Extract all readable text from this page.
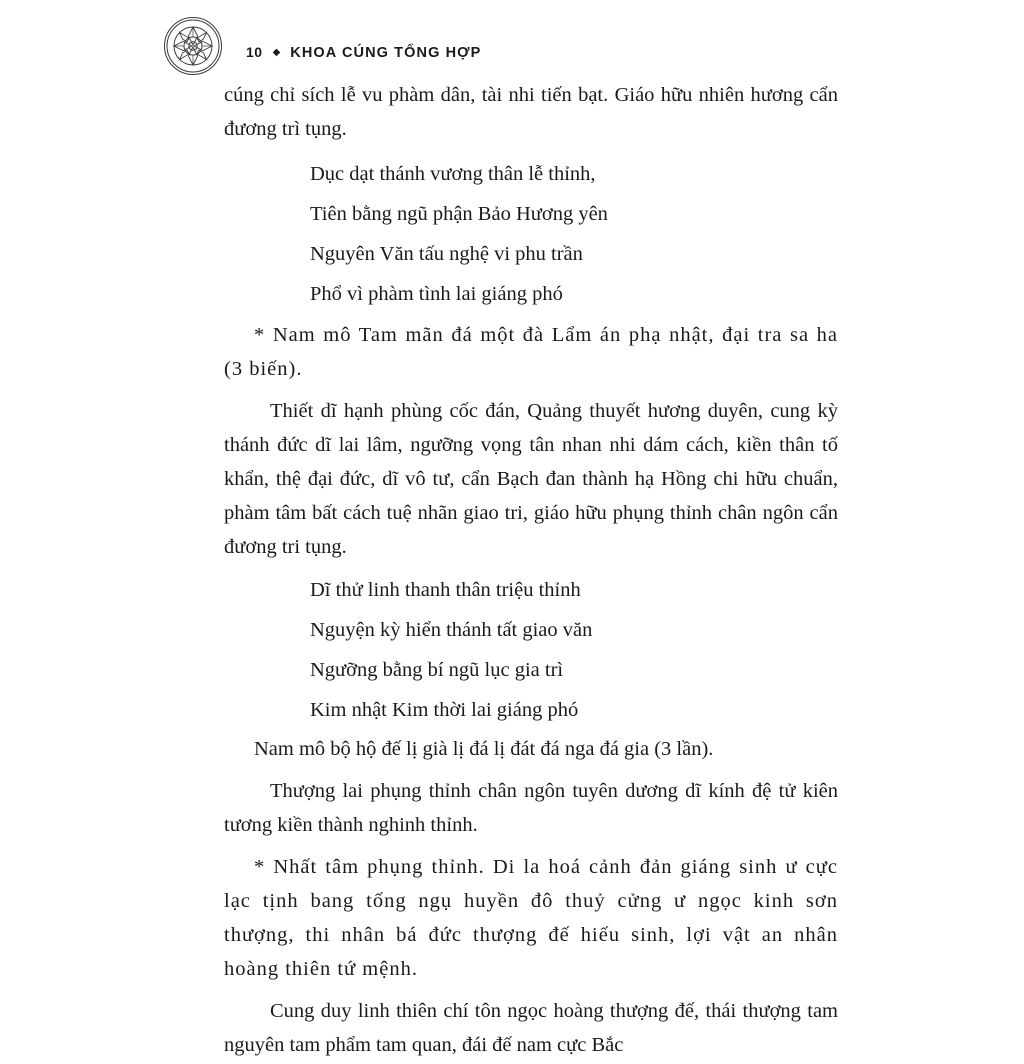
10 ◆ KHOA CÚNG TỔNG HỢP

cúng chỉ sích lễ vu phàm dân, tài nhi tiến bạt. Giáo hữu nhiên hương cẩn đương trì tụng.

Dục dạt thánh vương thân lễ thỉnh,

Tiên bằng ngũ phận Bảo Hương yên

Nguyên Văn tấu nghệ vi phu trần

Phổ vì phàm tình lai giáng phó

* Nam mô Tam mãn đá một đà Lẩm án phạ nhật, đại tra sa ha (3 biến).

Thiết dĩ hạnh phùng cốc đán, Quảng thuyết hương duyên, cung kỳ thánh đức dĩ lai lâm, ngưỡng vọng tân nhan nhi dám cách, kiền thân tố khẩn, thệ đại đức, dĩ vô tư, cẩn Bạch đan thành hạ Hồng chi hữu chuẩn, phàm tâm bất cách tuệ nhãn giao tri, giáo hữu phụng thỉnh chân ngôn cẩn đương tri tụng.

Dĩ thử linh thanh thân triệu thỉnh

Nguyện kỳ hiển thánh tất giao văn

Ngưỡng bằng bí ngũ lục gia trì

Kim nhật Kim thời lai giáng phó

Nam mô bộ hộ đế lị già lị đá lị đát đá nga đá gia (3 lần).

Thượng lai phụng thỉnh chân ngôn tuyên dương dĩ kính đệ tử kiên tương kiền thành nghinh thỉnh.

* Nhất tâm phụng thỉnh. Di la hoá cảnh đản giáng sinh ư cực lạc tịnh bang tống ngụ huyền đô thuỷ cửng ư ngọc kinh sơn thượng, thi nhân bá đức thượng đế hiếu sinh, lợi vật an nhân hoàng thiên tứ mệnh.

Cung duy linh thiên chí tôn ngọc hoàng thượng đế, thái thượng tam nguyên tam phẩm tam quan, đái đế nam cực Bắc
